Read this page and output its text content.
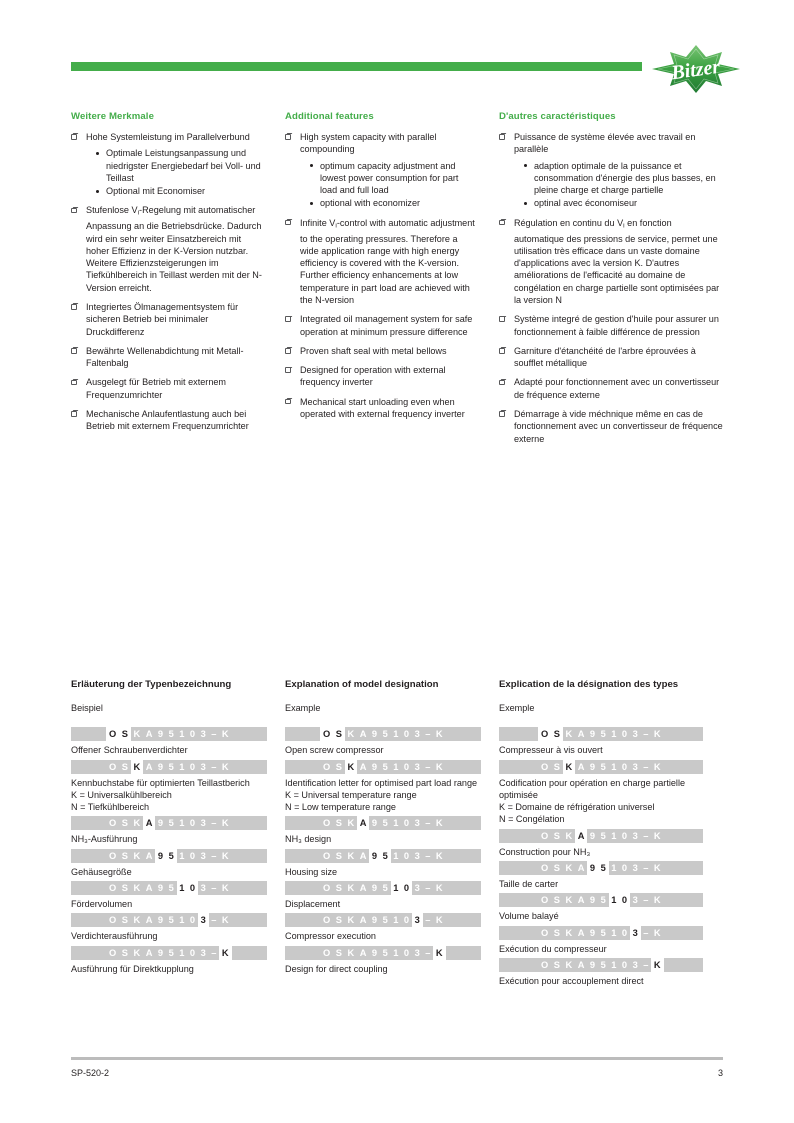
Bitzer
Weitere Merkmale
Hohe Systemleistung im Parallelverbund
Optimale Leistungsanpassung und niedrigster Energiebedarf bei Voll- und Teillast
Optional mit Economiser
Stufenlose $V_i$-Regelung mit automatischer Anpassung an die Betriebsdrücke. Dadurch wird ein sehr weiter Einsatzbereich mit hoher Effizienz in der K-Version nutzbar. Weitere Effizienzsteigerungen im Tiefkühlbereich in Teillast werden mit der N-Version erreicht.
Integriertes Ölmanagementsystem für sicheren Betrieb bei minimaler Druckdifferenz
Bewährte Wellenabdichtung mit Metall-Faltenbalg
Ausgelegt für Betrieb mit externem Frequenzumrichter
Mechanische Anlaufentlastung auch bei Betrieb mit externem Frequenzumrichter
Additional features
High system capacity with parallel compounding
optimum capacity adjustment and lowest power consumption for part load and full load
optional with economizer
Infinite $V_i$-control with automatic adjustment to the operating pressures. Therefore a wide application range with high energy efficiency is covered with the K-version. Further efficiency enhancements at low temperature in part load are achieved with the N-version
Integrated oil management system for safe operation at minimum pressure difference
Proven shaft seal with metal bellows
Designed for operation with external frequency inverter
Mechanical start unloading even when operated with external frequency inverter
D'autres caractéristiques
Puissance de système élevée avec travail en parallèle
adaption optimale de la puissance et consommation d'énergie des plus basses, en pleine charge et charge partielle
optinal avec économiseur
Régulation en continu du $V_i$ en fonction automatique des pressions de service, permet une utilisation très efficace dans un vaste domaine d'applications avec la version K. D'autres améliorations de l'efficacité au domaine de congélation en charge partielle sont optimisées par la version N
Système integré de gestion d'huile pour assurer un fonctionnement à faible différence de pression
Garniture d'étanchéité de l'arbre éprouvées à soufflet métallique
Adapté pour fonctionnement avec un convertisseur de fréquence externe
Démarrage à vide méchnique même en cas de fonctionnement avec un convertisseur de fréquence externe
Erläuterung der Typenbezeichnung
Beispiel
O S K A 9 5 1 0 3 – K
Offener Schraubenverdichter
O S K A 9 5 1 0 3 – K
Kennbuchstabe für optimierten Teillastberich
K = Universalkühlbereich
N = Tiefkühlbereich
O S K A 9 5 1 0 3 – K
NH₃-Ausführung
O S K A 9 5 1 0 3 – K
Gehäusegröße
O S K A 9 5 1 0 3 – K
Fördervolumen
O S K A 9 5 1 0 3 – K
Verdichterausführung
O S K A 9 5 1 0 3 – K
Ausführung für Direktkupplung
Explanation of model designation
Example
O S K A 9 5 1 0 3 – K
Open screw compressor
O S K A 9 5 1 0 3 – K
Identification letter for optimised part load range
K = Universal temperature range
N = Low temperature range
O S K A 9 5 1 0 3 – K
NH₃ design
O S K A 9 5 1 0 3 – K
Housing size
O S K A 9 5 1 0 3 – K
Displacement
O S K A 9 5 1 0 3 – K
Compressor execution
O S K A 9 5 1 0 3 – K
Design for direct coupling
Explication de la désignation des types
Exemple
O S K A 9 5 1 0 3 – K
Compresseur à vis ouvert
O S K A 9 5 1 0 3 – K
Codification pour opération en charge partielle optimisée
K = Domaine de réfrigération universel
N = Congélation
O S K A 9 5 1 0 3 – K
Construction pour NH₃
O S K A 9 5 1 0 3 – K
Taille de carter
O S K A 9 5 1 0 3 – K
Volume balayé
O S K A 9 5 1 0 3 – K
Exécution du compresseur
O S K A 9 5 1 0 3 – K
Exécution pour accouplement direct
SP-520-2	3
